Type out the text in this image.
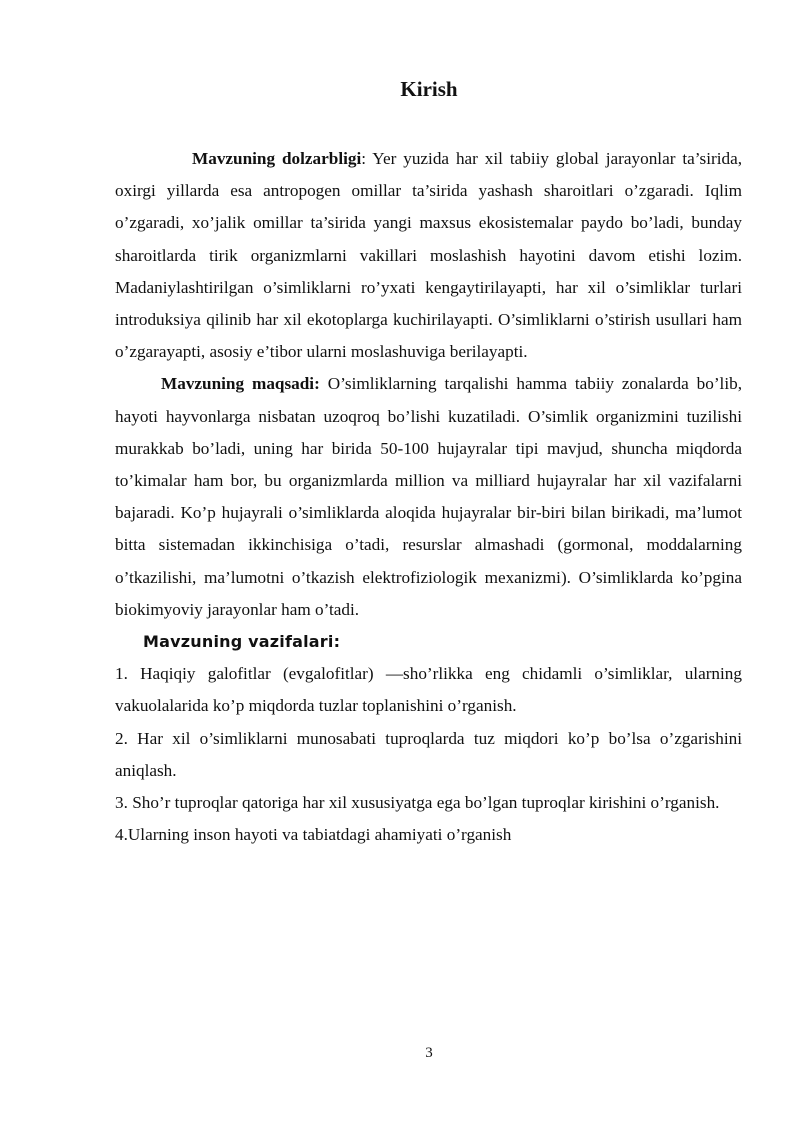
Kirish

Mavzuning dolzarbligi: Yer yuzida har xil tabiiy global jarayonlar ta’sirida, oxirgi yillarda esa antropogen omillar ta’sirida yashash sharoitlari o’zgaradi. Iqlim o’zgaradi, xo’jalik omillar ta’sirida yangi maxsus ekosistemalar paydo bo’ladi, bunday sharoitlarda tirik organizmlarni vakillari moslashish hayotini davom etishi lozim. Madaniylashtirilgan o’simliklarni ro’yxati kengaytirilayapti, har xil o’simliklar turlari introduksiya qilinib har xil ekotoplarga kuchirilayapti. O’simliklarni o’stirish usullari ham o’zgarayapti, asosiy e’tibor ularni moslashuviga berilayapti.

Mavzuning maqsadi: O’simliklarning tarqalishi hamma tabiiy zonalarda bo’lib, hayoti hayvonlarga nisbatan uzoqroq bo’lishi kuzatiladi. O’simlik organizmini tuzilishi murakkab bo’ladi, uning har birida 50-100 hujayralar tipi mavjud, shuncha miqdorda to’kimalar ham bor, bu organizmlarda million va milliard hujayralar har xil vazifalarni bajaradi. Ko’p hujayrali o’simliklarda aloqida hujayralar bir-biri bilan birikadi, ma’lumot bitta sistemadan ikkinchisiga o’tadi, resurslar almashadi (gormonal, moddalarning o’tkazilishi, ma’lumotni o’tkazish elektrofiziologik mexanizmi). O’simliklarda ko’pgina biokimyoviy jarayonlar ham o’tadi.

Mavzuning vazifalari:

1. Haqiqiy galofitlar (evgalofitlar) —sho’rlikka eng chidamli o’simliklar, ularning vakuolalarida ko’p miqdorda tuzlar toplanishini o’rganish.

2. Har xil o’simliklarni munosabati tuproqlarda tuz miqdori ko’p bo’lsa o’zgarishini aniqlash.

3. Sho’r tuproqlar qatoriga har xil xususiyatga ega bo’lgan tuproqlar kirishini o’rganish.

4.Ularning inson hayoti va tabiatdagi ahamiyati o’rganish

3
